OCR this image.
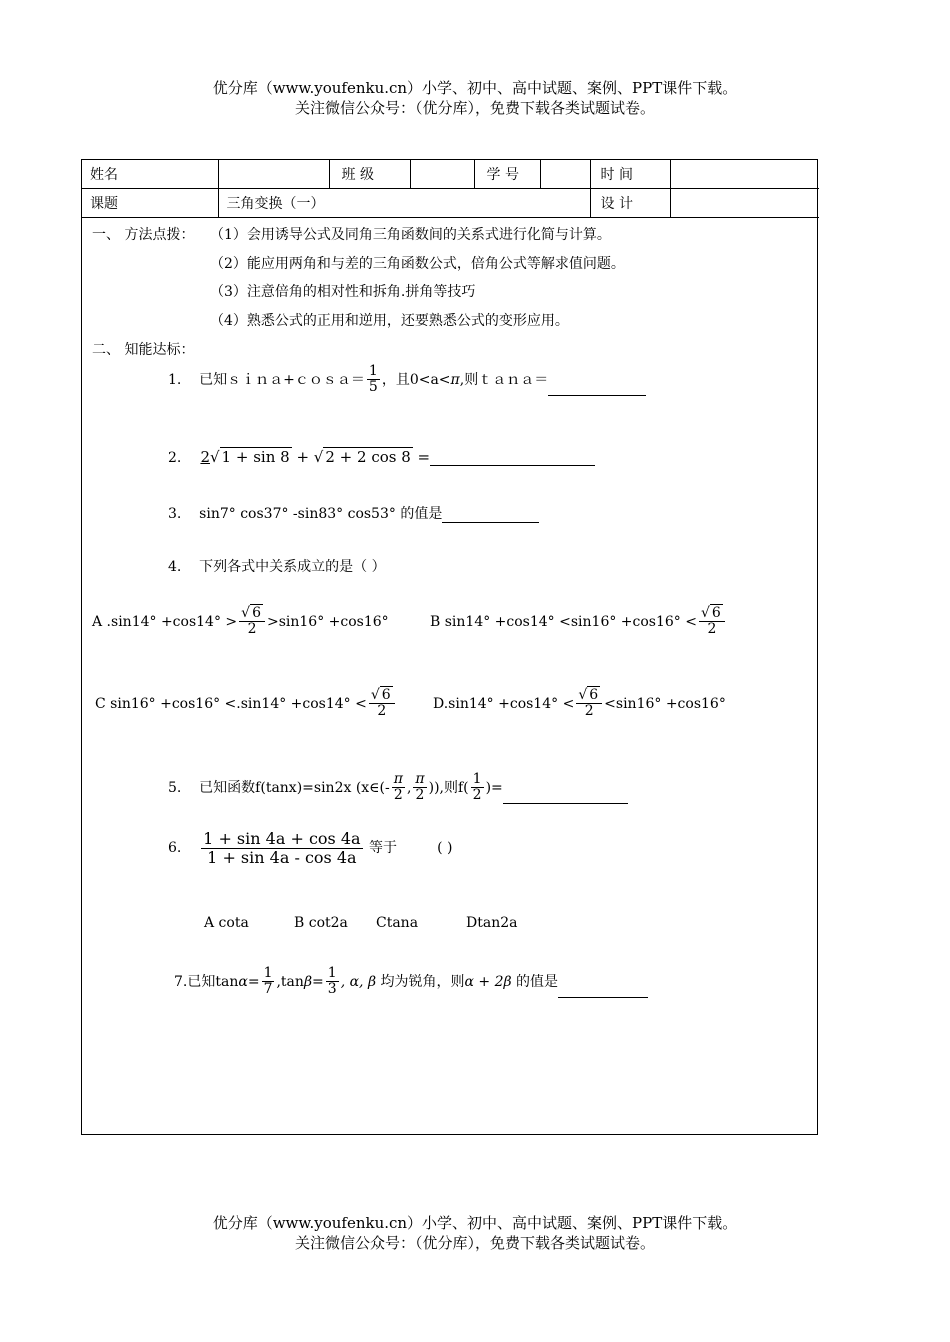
优分库（www.youfenku.cn）小学、初中、高中试题、案例、PPT课件下载。
关注微信公众号：（优分库），免费下载各类试题试卷。
姓名		班 级		学 号		时 间	
课题	三角变换（一）					设 计	
一、 方法点拨： （1）会用诱导公式及同角三角函数间的关系式进行化简与计算。
（2）能应用两角和与差的三角函数公式，倍角公式等解求值问题。
（3）注意倍角的相对性和拆角.拼角等技巧
（4）熟悉公式的正用和逆用，还要熟悉公式的变形应用。
二、 知能达标：
1. 已知ｓｉｎａ+ｃｏｓａ＝ $\frac{1}{5}$ ，且0<a<π,则ｔａｎａ＝
2. 2√ 1 + sin 8 + √ 2 + 2 cos 8 =
3. sin7° cos37° -sin83° cos53° 的值是
4. 下列各式中关系成立的是（ ）
A $.\sin 14^\circ +\cos 14^\circ > \frac{√ 6}{2} >\sin 16^\circ +\cos 16^\circ$	B $\sin 14^\circ +\cos 14^\circ <\sin 16^\circ +\cos 16^\circ < \frac{√ 6}{2}$
C $\sin 16^\circ +\cos 16^\circ <.\sin 14^\circ +\cos 14^\circ < \frac{√ 6}{2}$	$D.\sin 14^\circ +\cos 14^\circ < \frac{√ 6}{2} <\sin 16^\circ +\cos 16^\circ$
5. 已知函数f(tanx)=sin2x (x∈(- $\frac{\pi}{2}$ , $\frac{\pi}{2}$ )),则$f( \frac{1}{2}$ )=
6. $\frac{1 + \sin 4a + \cos 4a}{1 + \sin 4a - \cos 4a}$ 等于	( )
A cota	B cot2a Ctana	Dtan2a
7.已知$\tan\alpha= \frac{1}{7} ,\tan\beta= \frac{1}{3}$ , α, β 均为锐角，则α + 2β 的值是
优分库（www.youfenku.cn）小学、初中、高中试题、案例、PPT课件下载。
关注微信公众号：（优分库），免费下载各类试题试卷。
